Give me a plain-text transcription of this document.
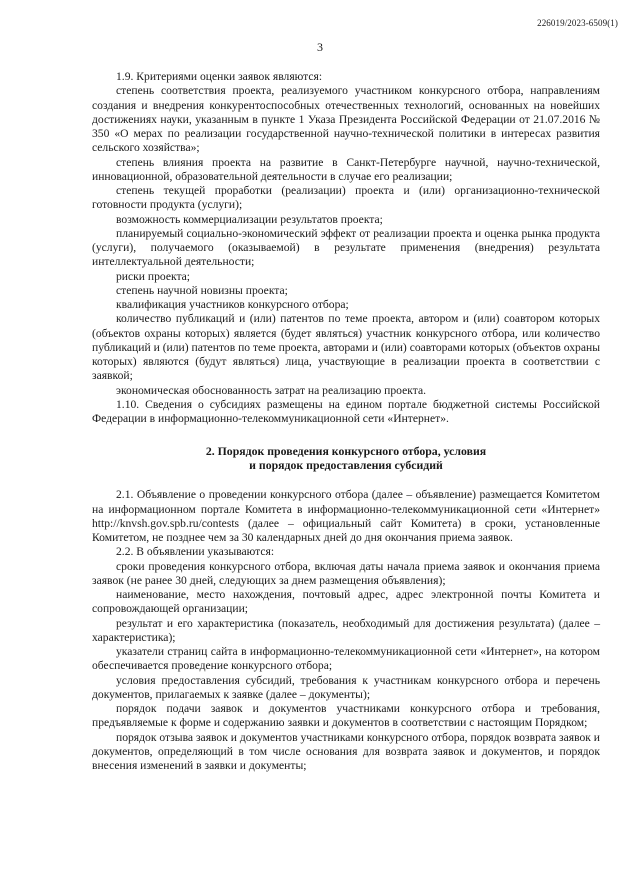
226019/2023-6509(1)
3

1.9. Критериями оценки заявок являются:

степень соответствия проекта, реализуемого участником конкурсного отбора, направлениям создания и внедрения конкурентоспособных отечественных технологий, основанных на новейших достижениях науки, указанным в пункте 1 Указа Президента Российской Федерации от 21.07.2016 № 350 «О мерах по реализации государственной научно-технической политики в интересах развития сельского хозяйства»;

степень влияния проекта на развитие в Санкт-Петербурге научной, научно-технической, инновационной, образовательной деятельности в случае его реализации;

степень текущей проработки (реализации) проекта и (или) организационно-технической готовности продукта (услуги);

возможность коммерциализации результатов проекта;

планируемый социально-экономический эффект от реализации проекта и оценка рынка продукта (услуги), получаемого (оказываемой) в результате применения (внедрения) результата интеллектуальной деятельности;

риски проекта;

степень научной новизны проекта;

квалификация участников конкурсного отбора;

количество публикаций и (или) патентов по теме проекта, автором и (или) соавтором которых (объектов охраны которых) является (будет являться) участник конкурсного отбора, или количество публикаций и (или) патентов по теме проекта, авторами и (или) соавторами которых (объектов охраны которых) являются (будут являться) лица, участвующие в реализации проекта в соответствии с заявкой;

экономическая обоснованность затрат на реализацию проекта.

1.10. Сведения о субсидиях размещены на едином портале бюджетной системы Российской Федерации в информационно-телекоммуникационной сети «Интернет».

2. Порядок проведения конкурсного отбора, условия
и порядок предоставления субсидий

2.1. Объявление о проведении конкурсного отбора (далее – объявление) размещается Комитетом на информационном портале Комитета в информационно-телекоммуникационной сети «Интернет» http://knvsh.gov.spb.ru/contests (далее – официальный сайт Комитета) в сроки, установленные Комитетом, не позднее чем за 30 календарных дней до дня окончания приема заявок.

2.2. В объявлении указываются:

сроки проведения конкурсного отбора, включая даты начала приема заявок и окончания приема заявок (не ранее 30 дней, следующих за днем размещения объявления);

наименование, место нахождения, почтовый адрес, адрес электронной почты Комитета и сопровождающей организации;

результат и его характеристика (показатель, необходимый для достижения результата) (далее – характеристика);

указатели страниц сайта в информационно-телекоммуникационной сети «Интернет», на котором обеспечивается проведение конкурсного отбора;

условия предоставления субсидий, требования к участникам конкурсного отбора и перечень документов, прилагаемых к заявке (далее – документы);

порядок подачи заявок и документов участниками конкурсного отбора и требования, предъявляемые к форме и содержанию заявки и документов в соответствии с настоящим Порядком;

порядок отзыва заявок и документов участниками конкурсного отбора, порядок возврата заявок и документов, определяющий в том числе основания для возврата заявок и документов, и порядок внесения изменений в заявки и документы;
